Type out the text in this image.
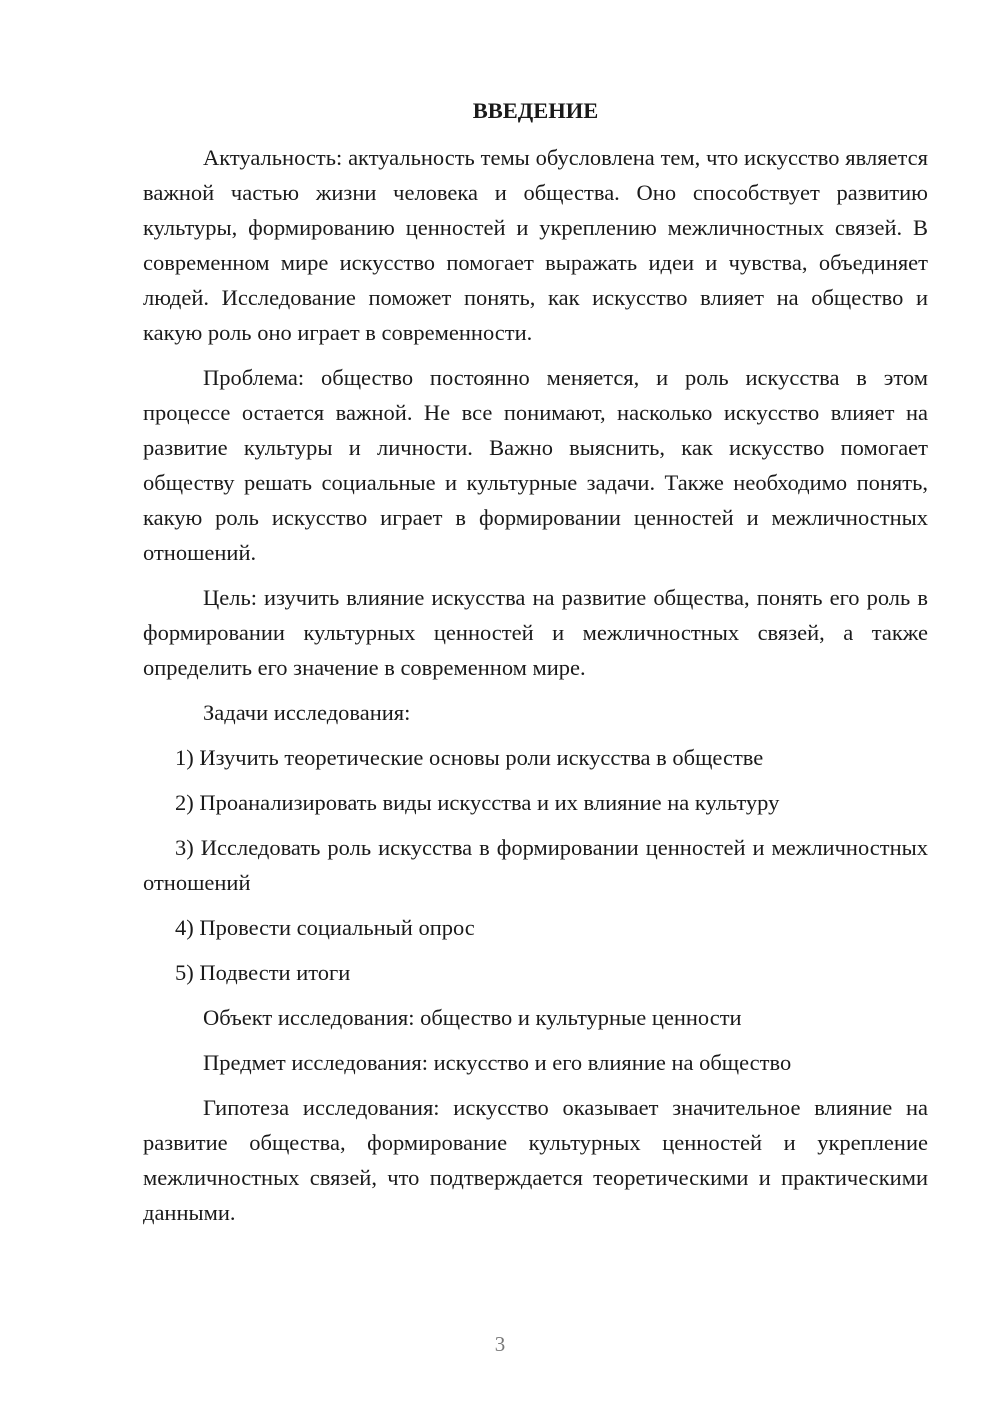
ВВЕДЕНИЕ

Актуальность: актуальность темы обусловлена тем, что искусство является важной частью жизни человека и общества. Оно способствует развитию культуры, формированию ценностей и укреплению межличностных связей. В современном мире искусство помогает выражать идеи и чувства, объединяет людей. Исследование поможет понять, как искусство влияет на общество и какую роль оно играет в современности.

Проблема: общество постоянно меняется, и роль искусства в этом процессе остается важной. Не все понимают, насколько искусство влияет на развитие культуры и личности. Важно выяснить, как искусство помогает обществу решать социальные и культурные задачи. Также необходимо понять, какую роль искусство играет в формировании ценностей и межличностных отношений.

Цель: изучить влияние искусства на развитие общества, понять его роль в формировании культурных ценностей и межличностных связей, а также определить его значение в современном мире.

Задачи исследования:

1) Изучить теоретические основы роли искусства в обществе

2) Проанализировать виды искусства и их влияние на культуру

3) Исследовать роль искусства в формировании ценностей и межличностных отношений

4) Провести социальный опрос

5) Подвести итоги

Объект исследования: общество и культурные ценности

Предмет исследования: искусство и его влияние на общество

Гипотеза исследования: искусство оказывает значительное влияние на развитие общества, формирование культурных ценностей и укрепление межличностных связей, что подтверждается теоретическими и практическими данными.

3
